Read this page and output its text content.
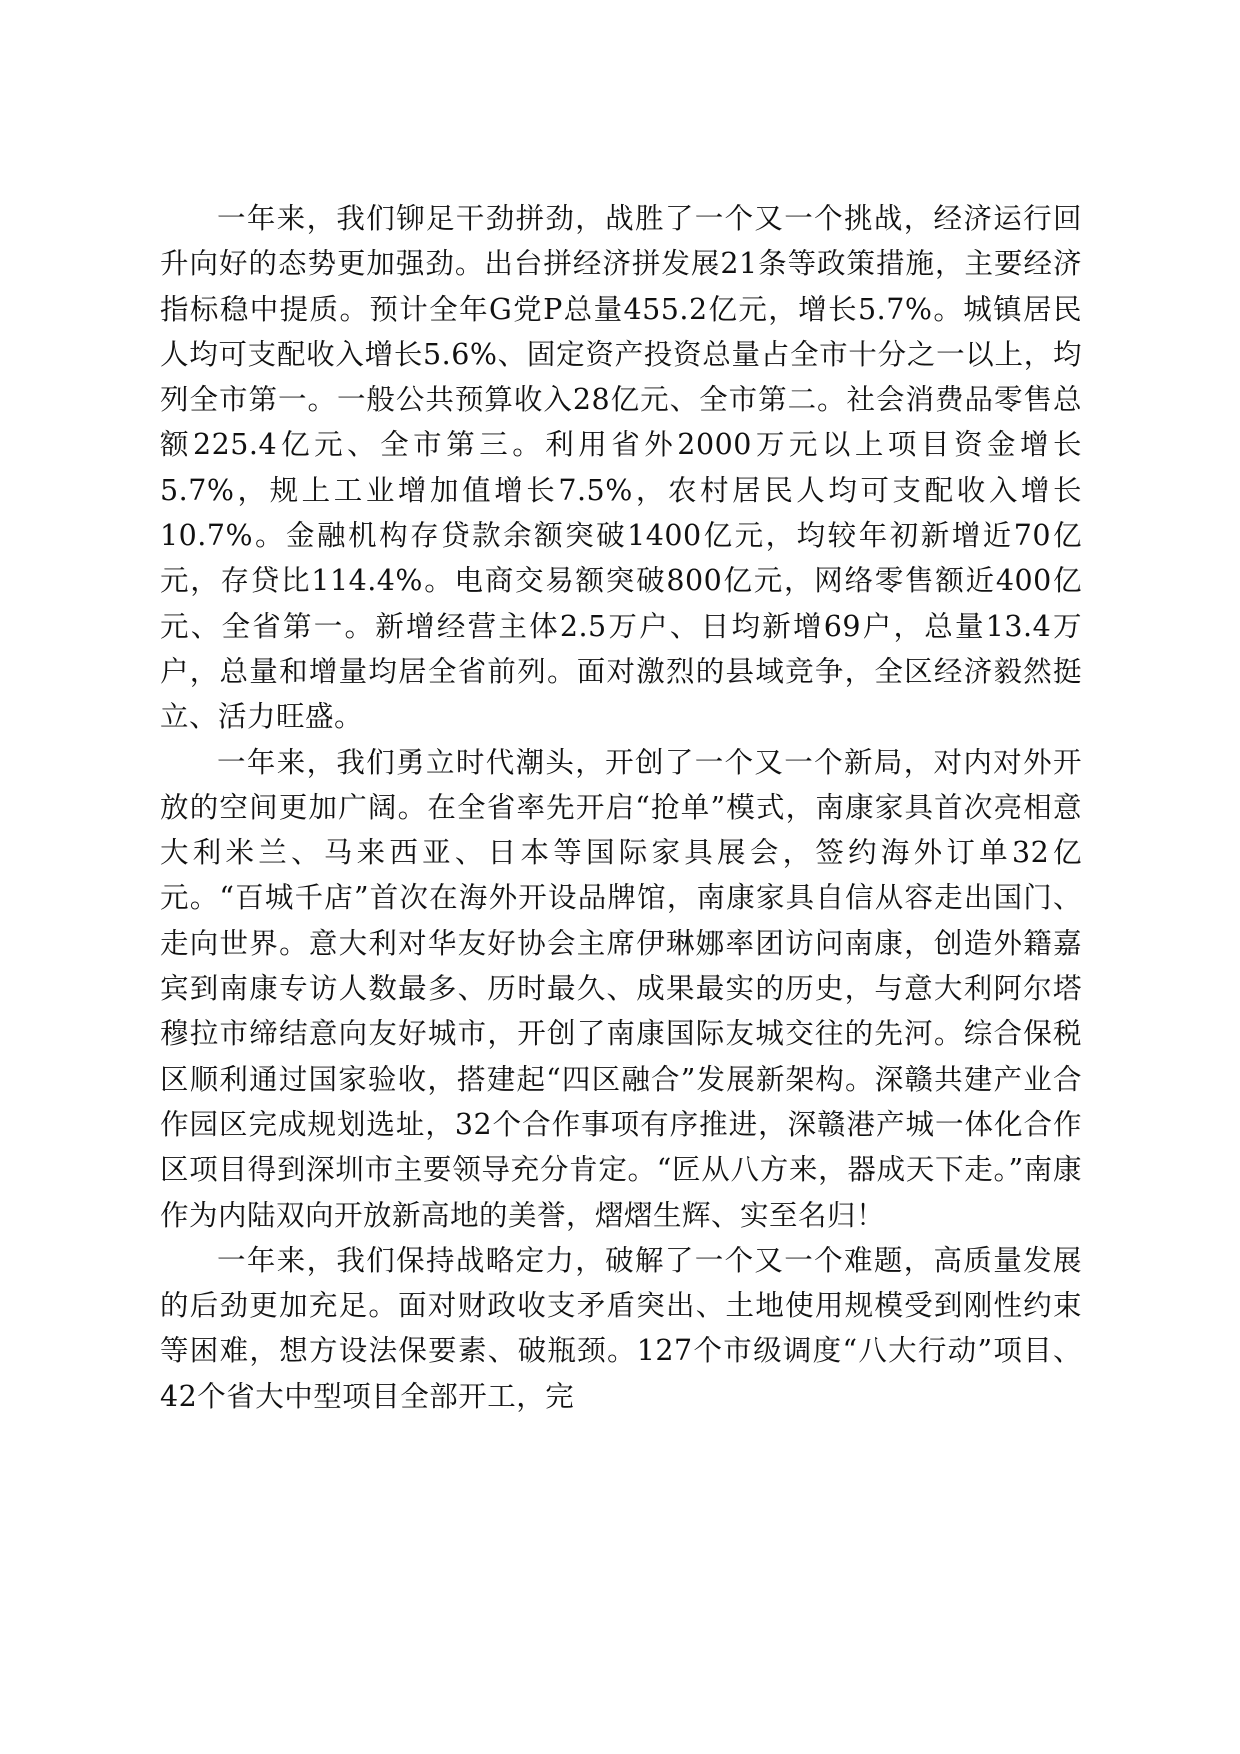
一年来，我们铆足干劲拼劲，战胜了一个又一个挑战，经济运行回升向好的态势更加强劲。出台拼经济拼发展21条等政策措施，主要经济指标稳中提质。预计全年G党P总量455.2亿元，增长5.7%。城镇居民人均可支配收入增长5.6%、固定资产投资总量占全市十分之一以上，均列全市第一。一般公共预算收入28亿元、全市第二。社会消费品零售总额225.4亿元、全市第三。利用省外2000万元以上项目资金增长5.7%，规上工业增加值增长7.5%，农村居民人均可支配收入增长10.7%。金融机构存贷款余额突破1400亿元，均较年初新增近70亿元，存贷比114.4%。电商交易额突破800亿元，网络零售额近400亿元、全省第一。新增经营主体2.5万户、日均新增69户，总量13.4万户，总量和增量均居全省前列。面对激烈的县域竞争，全区经济毅然挺立、活力旺盛。

一年来，我们勇立时代潮头，开创了一个又一个新局，对内对外开放的空间更加广阔。在全省率先开启“抢单”模式，南康家具首次亮相意大利米兰、马来西亚、日本等国际家具展会，签约海外订单32亿元。“百城千店”首次在海外开设品牌馆，南康家具自信从容走出国门、走向世界。意大利对华友好协会主席伊琳娜率团访问南康，创造外籍嘉宾到南康专访人数最多、历时最久、成果最实的历史，与意大利阿尔塔穆拉市缔结意向友好城市，开创了南康国际友城交往的先河。综合保税区顺利通过国家验收，搭建起“四区融合”发展新架构。深赣共建产业合作园区完成规划选址，32个合作事项有序推进，深赣港产城一体化合作区项目得到深圳市主要领导充分肯定。“匠从八方来，器成天下走。”南康作为内陆双向开放新高地的美誉，熠熠生辉、实至名归！

一年来，我们保持战略定力，破解了一个又一个难题，高质量发展的后劲更加充足。面对财政收支矛盾突出、土地使用规模受到刚性约束等困难，想方设法保要素、破瓶颈。127个市级调度“八大行动”项目、42个省大中型项目全部开工，完
